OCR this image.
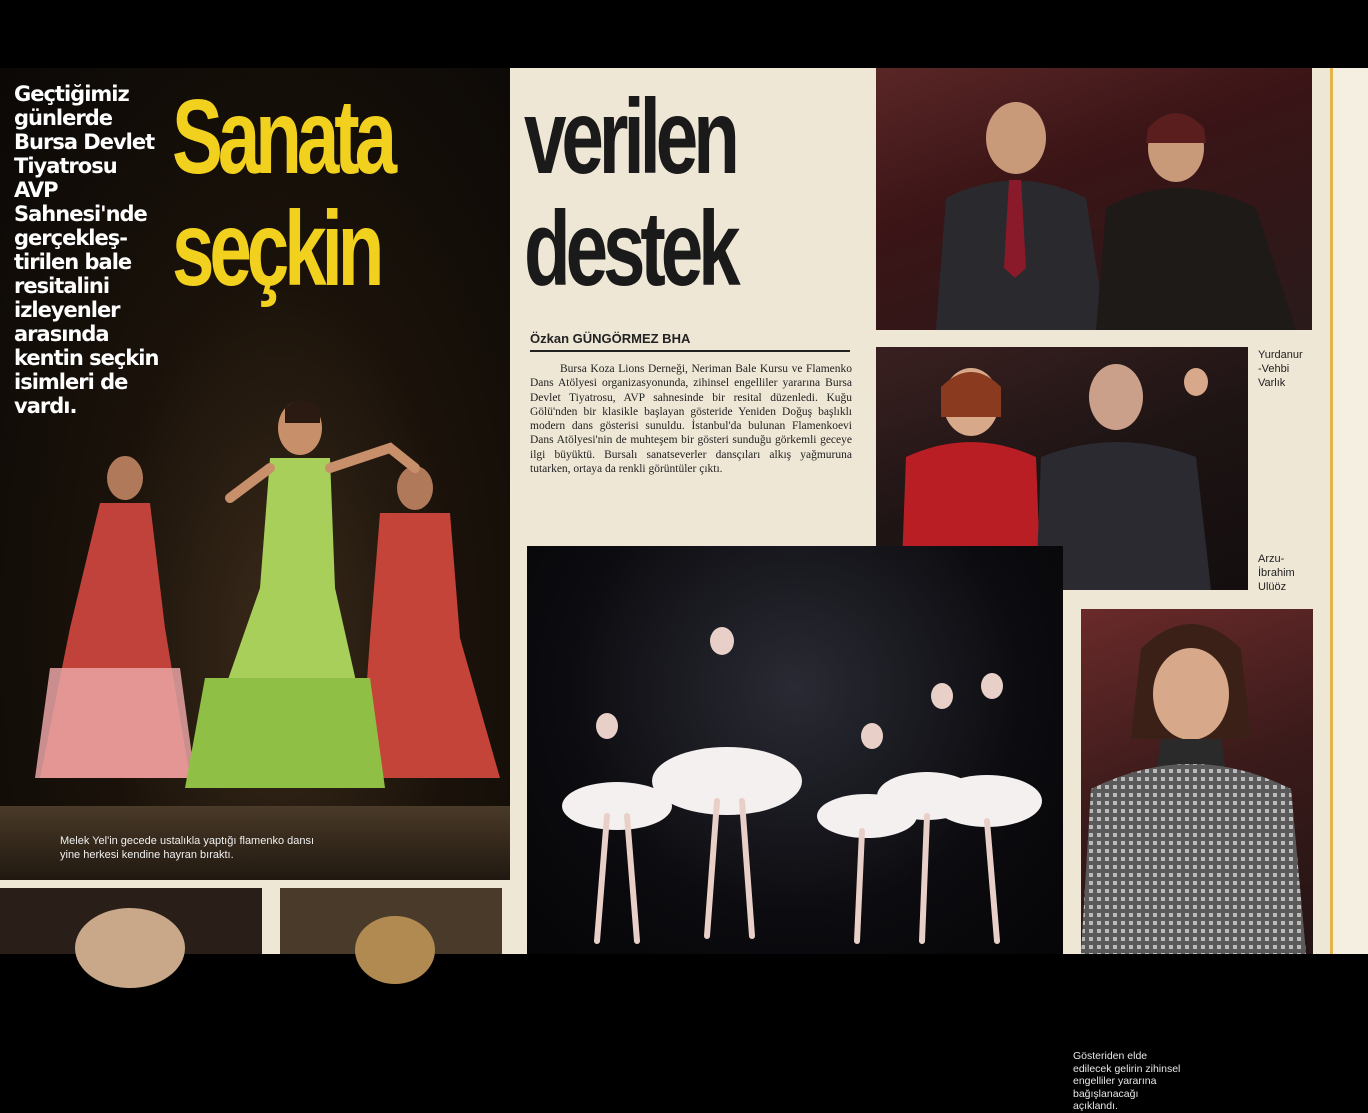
Geçtiğimiz günlerde Bursa Devlet Tiyatrosu AVP Sahnesi'nde gerçekleş-tirilen bale resitalini izleyenler arasında kentin seçkin isimleri de vardı.
Sanata
seçkin
Melek Yel'in gecede ustalıkla yaptığı flamenko dansı
yine herkesi kendine hayran bıraktı.
verilen
destek
Özkan GÜNGÖRMEZ BHA
Bursa Koza Lions Derneği, Neriman Bale Kursu ve Flamenko Dans Atölyesi organizasyonunda, zihinsel engelliler yararına Bursa Devlet Tiyatrosu, AVP sahnesinde bir resital düzenledi. Kuğu Gölü'nden bir klasikle başlayan gösteride Yeniden Doğuş başlıklı modern dans gösterisi sunuldu. İstanbul'da bulunan Flamenkoevi Dans Atölyesi'nin de muhteşem bir gösteri sunduğu görkemli geceye ilgi büyüktü. Bursalı sanatseverler dansçıları alkış yağmuruna tutarken, ortaya da renkli görüntüler çıktı.
Yurdanur
-Vehbi
Varlık
Arzu-
İbrahim
Ulüöz
Gösteriden elde edilecek gelirin zihinsel engelliler yararına bağışlanacağı açıklandı.
